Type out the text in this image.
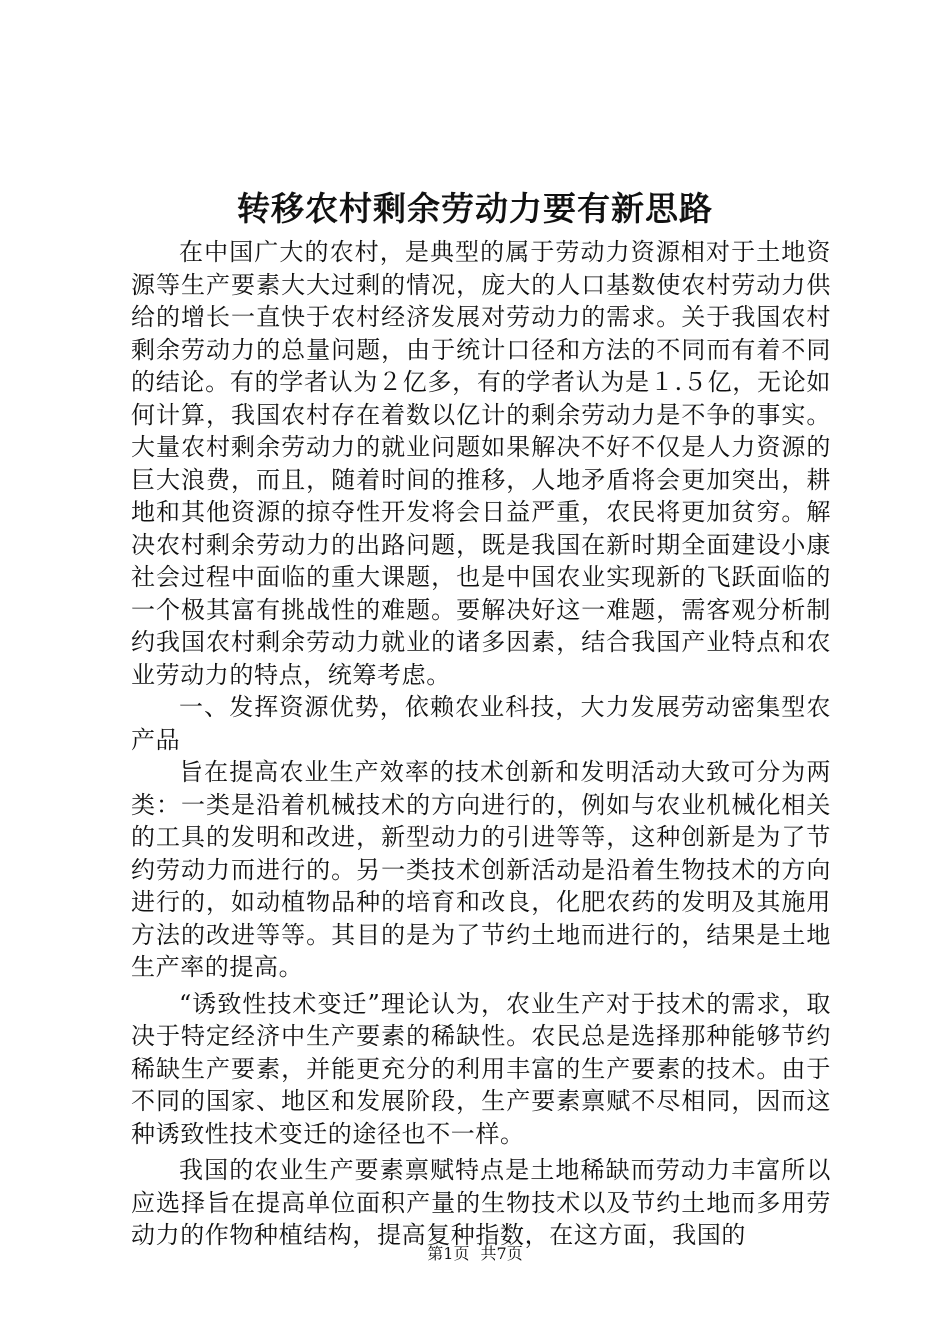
转移农村剩余劳动力要有新思路

在中国广大的农村，是典型的属于劳动力资源相对于土地资源等生产要素大大过剩的情况，庞大的人口基数使农村劳动力供给的增长一直快于农村经济发展对劳动力的需求。关于我国农村剩余劳动力的总量问题，由于统计口径和方法的不同而有着不同的结论。有的学者认为２亿多，有的学者认为是１.５亿，无论如何计算，我国农村存在着数以亿计的剩余劳动力是不争的事实。大量农村剩余劳动力的就业问题如果解决不好不仅是人力资源的巨大浪费，而且，随着时间的推移，人地矛盾将会更加突出，耕地和其他资源的掠夺性开发将会日益严重，农民将更加贫穷。解决农村剩余劳动力的出路问题，既是我国在新时期全面建设小康社会过程中面临的重大课题，也是中国农业实现新的飞跃面临的一个极其富有挑战性的难题。要解决好这一难题，需客观分析制约我国农村剩余劳动力就业的诸多因素，结合我国产业特点和农业劳动力的特点，统筹考虑。

一、发挥资源优势，依赖农业科技，大力发展劳动密集型农产品

旨在提高农业生产效率的技术创新和发明活动大致可分为两类：一类是沿着机械技术的方向进行的，例如与农业机械化相关的工具的发明和改进，新型动力的引进等等，这种创新是为了节约劳动力而进行的。另一类技术创新活动是沿着生物技术的方向进行的，如动植物品种的培育和改良，化肥农药的发明及其施用方法的改进等等。其目的是为了节约土地而进行的，结果是土地生产率的提高。

“诱致性技术变迁”理论认为，农业生产对于技术的需求，取决于特定经济中生产要素的稀缺性。农民总是选择那种能够节约稀缺生产要素，并能更充分的利用丰富的生产要素的技术。由于不同的国家、地区和发展阶段，生产要素禀赋不尽相同，因而这种诱致性技术变迁的途径也不一样。

我国的农业生产要素禀赋特点是土地稀缺而劳动力丰富所以应选择旨在提高单位面积产量的生物技术以及节约土地而多用劳动力的作物种植结构，提高复种指数，在这方面，我国的

第1页 共7页
